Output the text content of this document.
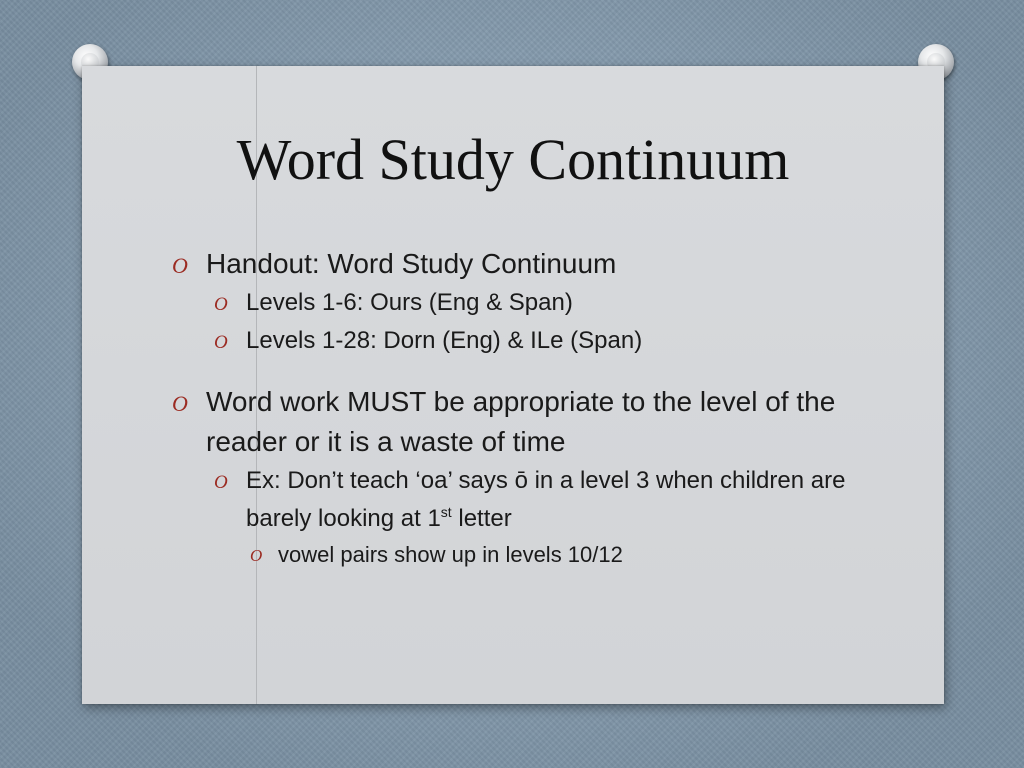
Word Study Continuum
O Handout: Word Study Continuum
O Levels 1-6: Ours (Eng & Span)
O Levels 1-28: Dorn (Eng) & ILe (Span)
O Word work MUST be appropriate to the level of the reader or it is a waste of time
O Ex: Don’t teach ‘oa’ says ō in a level 3 when children are barely looking at 1st letter
O vowel pairs show up in levels 10/12
